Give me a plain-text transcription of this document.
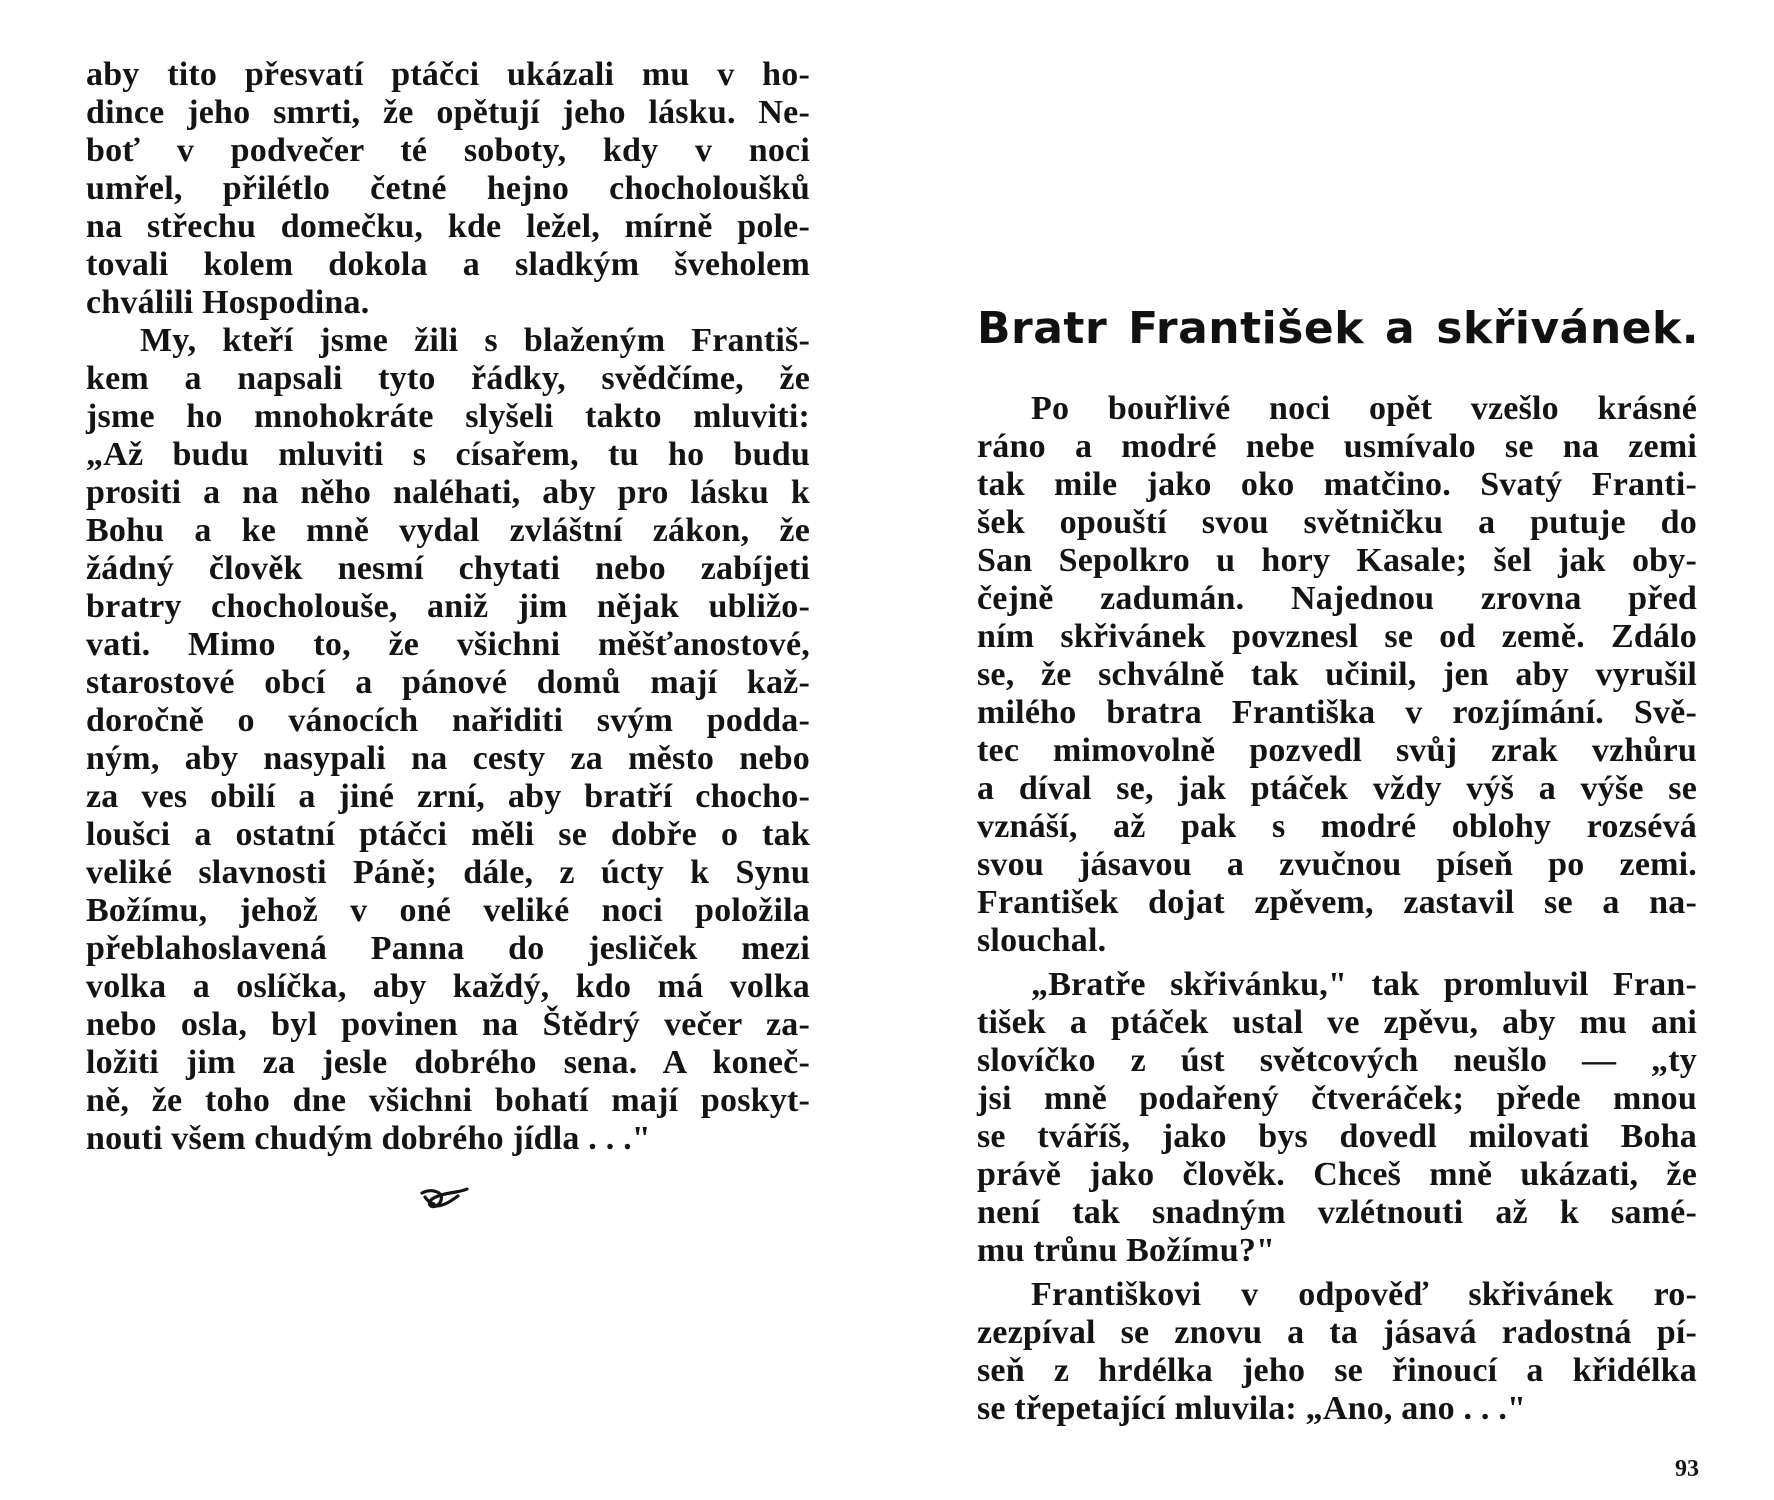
aby tito přesvatí ptáčci ukázali mu v ho-
dince jeho smrti, že opětují jeho lásku. Ne-
boť v podvečer té soboty, kdy v noci
umřel, přilétlo četné hejno chocholoušků
na střechu domečku, kde ležel, mírně pole-
tovali kolem dokola a sladkým šveholem
chválili Hospodina.
My, kteří jsme žili s blaženým Františ-
kem a napsali tyto řádky, svědčíme, že
jsme ho mnohokráte slyšeli takto mluviti:
„Až budu mluviti s císařem, tu ho budu
prositi a na něho naléhati, aby pro lásku k
Bohu a ke mně vydal zvláštní zákon, že
žádný člověk nesmí chytati nebo zabíjeti
bratry chocholouše, aniž jim nějak ubližo-
vati. Mimo to, že všichni měšťanostové,
starostové obcí a pánové domů mají kaž-
doročně o vánocích nařiditi svým podda-
ným, aby nasypali na cesty za město nebo
za ves obilí a jiné zrní, aby bratří chocho-
loušci a ostatní ptáčci měli se dobře o tak
veliké slavnosti Páně; dále, z úcty k Synu
Božímu, jehož v oné veliké noci položila
přeblahoslavená Panna do jesliček mezi
volka a oslíčka, aby každý, kdo má volka
nebo osla, byl povinen na Štědrý večer za-
ložiti jim za jesle dobrého sena. A koneč-
ně, že toho dne všichni bohatí mají poskyt-
nouti všem chudým dobrého jídla . . ."
Bratr František a skřivánek.
Po bouřlivé noci opět vzešlo krásné
ráno a modré nebe usmívalo se na zemi
tak mile jako oko matčino. Svatý Franti-
šek opouští svou světničku a putuje do
San Sepolkro u hory Kasale; šel jak oby-
čejně zadumán. Najednou zrovna před
ním skřivánek povznesl se od země. Zdálo
se, že schválně tak učinil, jen aby vyrušil
milého bratra Františka v rozjímání. Svě-
tec mimovolně pozvedl svůj zrak vzhůru
a díval se, jak ptáček vždy výš a výše se
vznáší, až pak s modré oblohy rozsévá
svou jásavou a zvučnou píseň po zemi.
František dojat zpěvem, zastavil se a na-
slouchal.
„Bratře skřivánku," tak promluvil Fran-
tišek a ptáček ustal ve zpěvu, aby mu ani
slovíčko z úst světcových neušlo — „ty
jsi mně podařený čtveráček; přede mnou
se tváříš, jako bys dovedl milovati Boha
právě jako člověk. Chceš mně ukázati, že
není tak snadným vzlétnouti až k samé-
mu trůnu Božímu?"
Františkovi v odpověď skřivánek ro-
zezpíval se znovu a ta jásavá radostná pí-
seň z hrdélka jeho se řinoucí a křidélka
se třepetající mluvila: „Ano, ano . . ."
93
